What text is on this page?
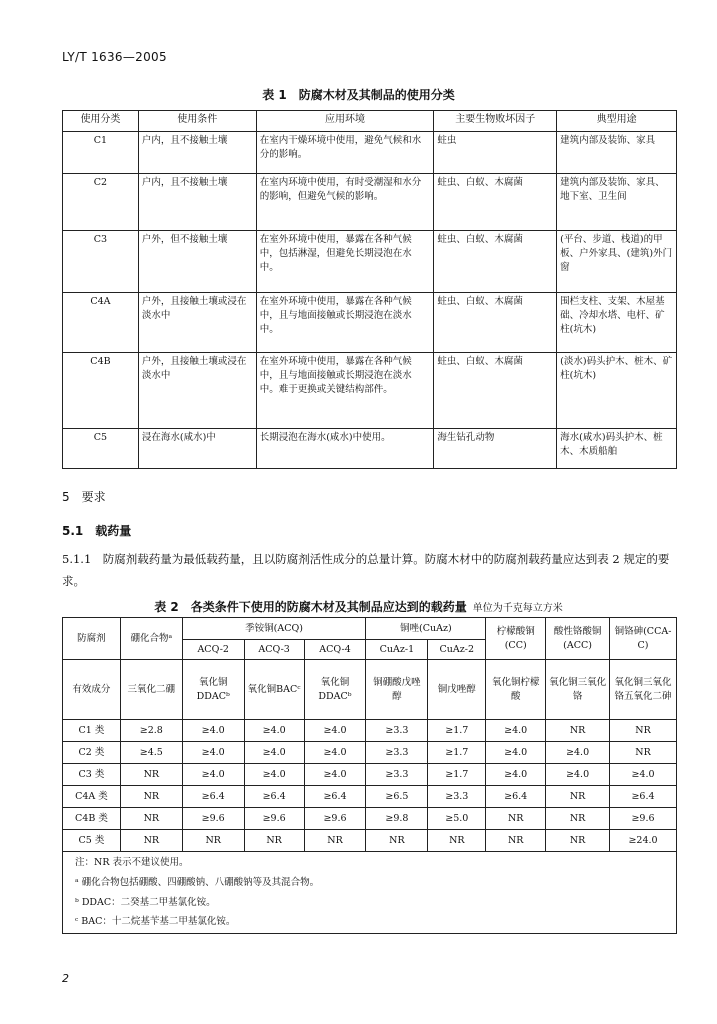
LY/T 1636—2005
表 1　防腐木材及其制品的使用分类
使用分类	使用条件	应用环境	主要生物败坏因子	典型用途
C1	户内，且不接触土壤	在室内干燥环境中使用，避免气候和水分的影响。	蛀虫	建筑内部及装饰、家具
C2	户内，且不接触土壤	在室内环境中使用，有时受潮湿和水分的影响，但避免气候的影响。	蛀虫、白蚁、木腐菌	建筑内部及装饰、家具、地下室、卫生间
C3	户外，但不接触土壤	在室外环境中使用，暴露在各种气候中，包括淋湿，但避免长期浸泡在水中。	蛀虫、白蚁、木腐菌	(平台、步道、栈道)的甲板、户外家具、(建筑)外门窗
C4A	户外，且接触土壤或浸在淡水中	在室外环境中使用，暴露在各种气候中，且与地面接触或长期浸泡在淡水中。	蛀虫、白蚁、木腐菌	围栏支柱、支架、木屋基础、冷却水塔、电杆、矿柱(坑木)
C4B	户外，且接触土壤或浸在淡水中	在室外环境中使用，暴露在各种气候中，且与地面接触或长期浸泡在淡水中。难于更换或关键结构部件。	蛀虫、白蚁、木腐菌	(淡水)码头护木、桩木、矿柱(坑木)
C5	浸在海水(咸水)中	长期浸泡在海水(咸水)中使用。	海生钻孔动物	海水(咸水)码头护木、桩木、木质船舶
5　要求
5.1　载药量
5.1.1　防腐剂载药量为最低载药量，且以防腐剂活性成分的总量计算。防腐木材中的防腐剂载药量应达到表 2 规定的要求。
表 2　各类条件下使用的防腐木材及其制品应达到的载药量 单位为千克每立方米
防腐剂	硼化合物ᵃ	季铵铜(ACQ)			铜唑(CuAz)		柠檬酸铜(CC)	酸性铬酸铜(ACC)	铜铬砷(CCA-C)
		ACQ-2	ACQ-3	ACQ-4	CuAz-1	CuAz-2			
有效成分	三氧化二硼	氧化铜DDACᵇ	氧化铜BACᶜ	氧化铜DDACᵇ	铜硼酸戊唑醇	铜戊唑醇	氧化铜柠檬酸	氧化铜三氧化铬	氧化铜三氧化铬五氧化二砷
C1 类	≥2.8	≥4.0	≥4.0	≥4.0	≥3.3	≥1.7	≥4.0	NR	NR
C2 类	≥4.5	≥4.0	≥4.0	≥4.0	≥3.3	≥1.7	≥4.0	≥4.0	NR
C3 类	NR	≥4.0	≥4.0	≥4.0	≥3.3	≥1.7	≥4.0	≥4.0	≥4.0
C4A 类	NR	≥6.4	≥6.4	≥6.4	≥6.5	≥3.3	≥6.4	NR	≥6.4
C4B 类	NR	≥9.6	≥9.6	≥9.6	≥9.8	≥5.0	NR	NR	≥9.6
C5 类	NR	NR	NR	NR	NR	NR	NR	NR	≥24.0

注：NR 表示不建议使用。
ᵃ 硼化合物包括硼酸、四硼酸钠、八硼酸钠等及其混合物。
ᵇ DDAC：二癸基二甲基氯化铵。
ᶜ BAC：十二烷基苄基二甲基氯化铵。									
2
